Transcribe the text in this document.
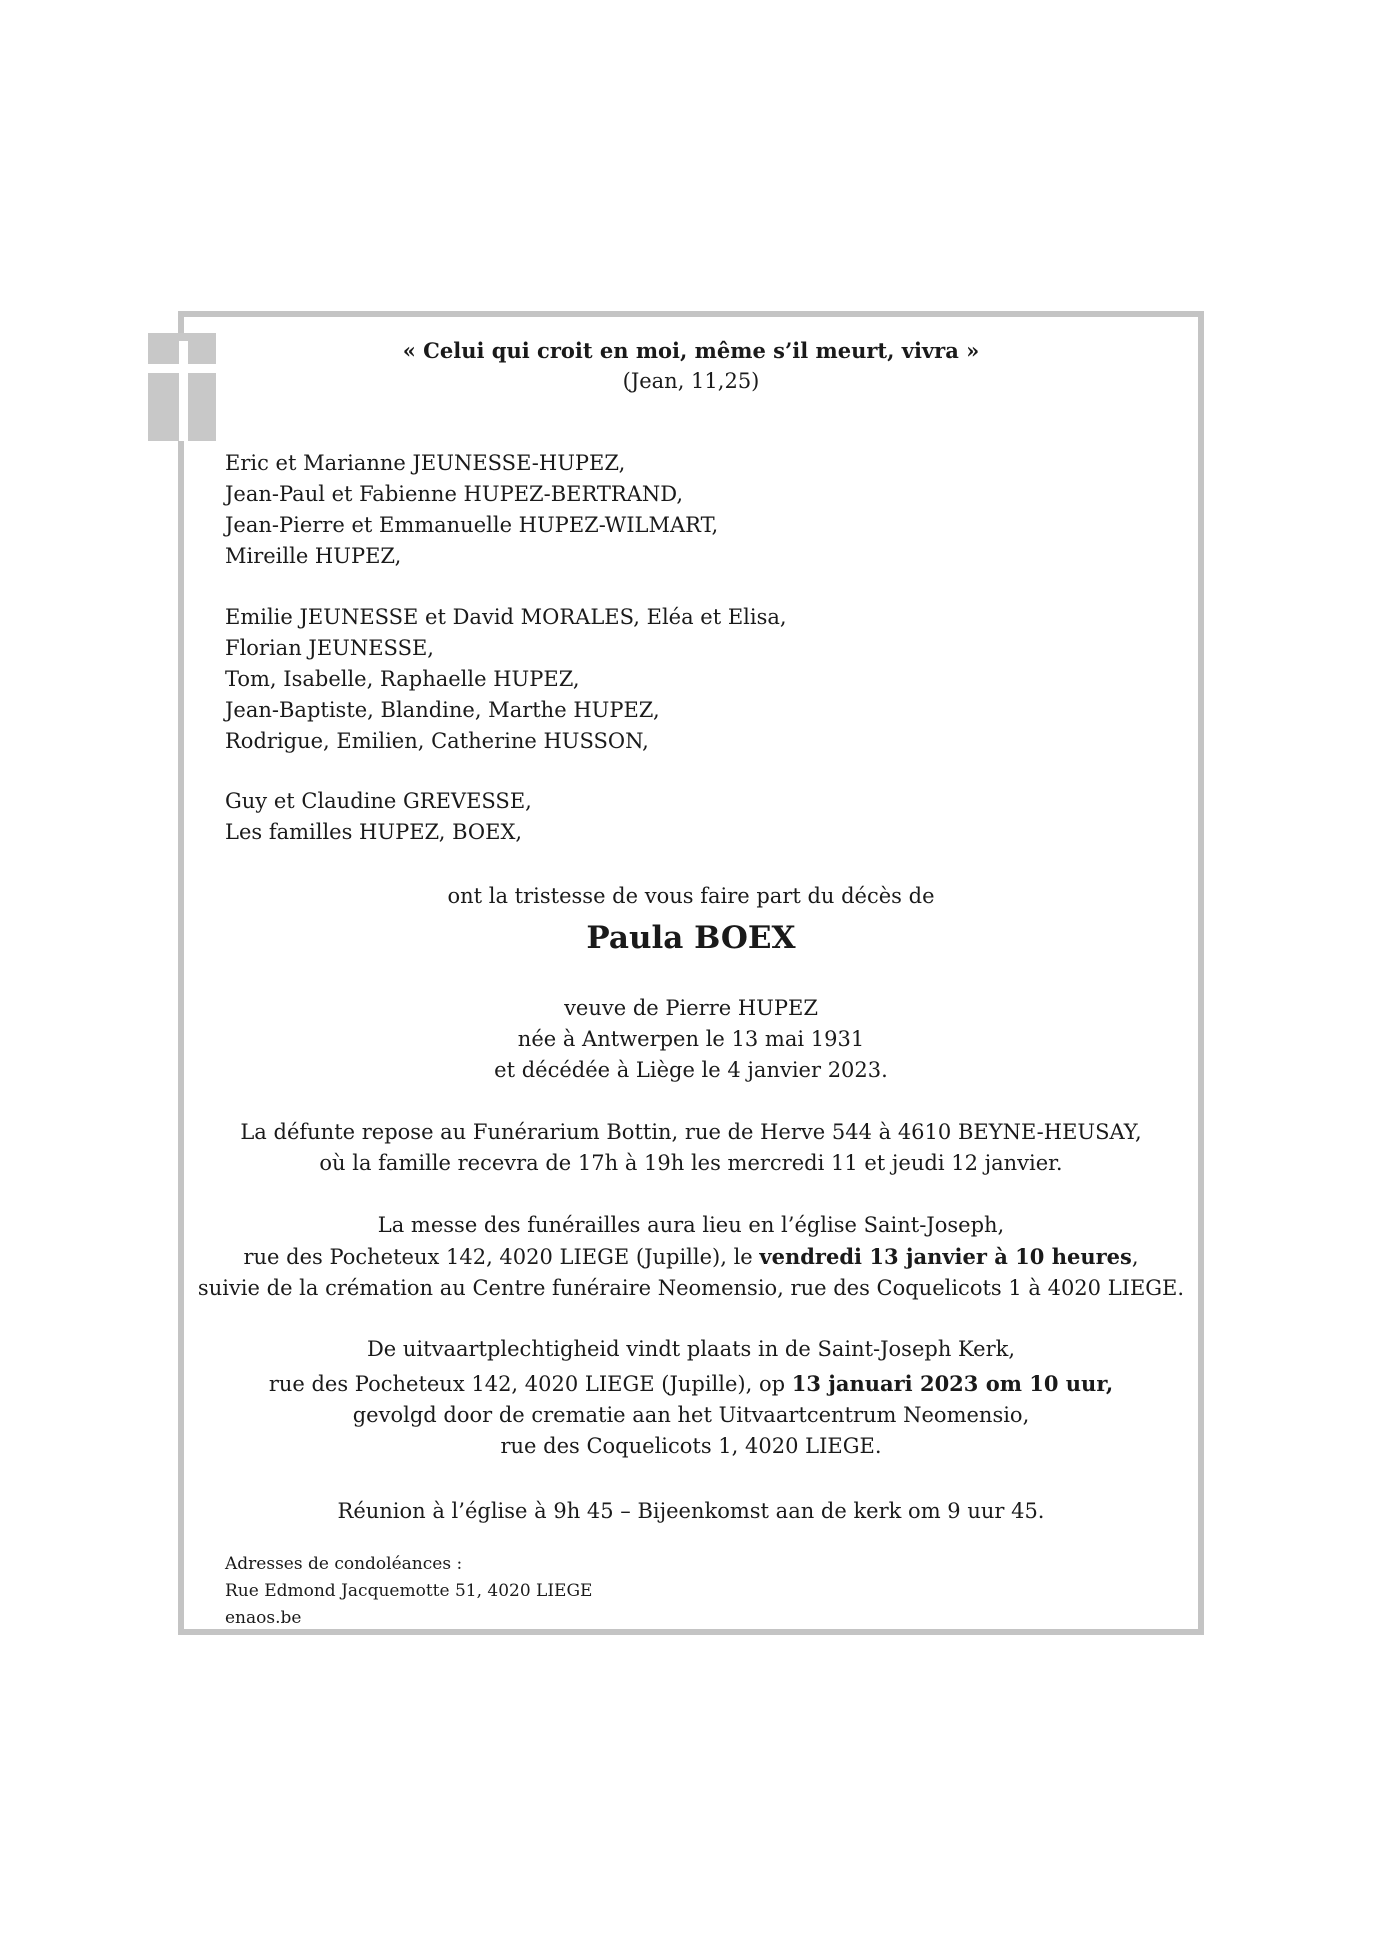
« Celui qui croit en moi, même s’il meurt, vivra »
(Jean, 11,25)
Eric et Marianne JEUNESSE-HUPEZ,
Jean-Paul et Fabienne HUPEZ-BERTRAND,
Jean-Pierre et Emmanuelle HUPEZ-WILMART,
Mireille HUPEZ,
Emilie JEUNESSE et David MORALES, Eléa et Elisa,
Florian JEUNESSE,
Tom, Isabelle, Raphaelle HUPEZ,
Jean-Baptiste, Blandine, Marthe HUPEZ,
Rodrigue, Emilien, Catherine HUSSON,
Guy et Claudine GREVESSE,
Les familles HUPEZ, BOEX,
ont la tristesse de vous faire part du décès de
Paula BOEX
veuve de Pierre HUPEZ
née à Antwerpen le 13 mai 1931
et décédée à Liège le 4 janvier 2023.
La défunte repose au Funérarium Bottin, rue de Herve 544 à 4610 BEYNE-HEUSAY,
où la famille recevra de 17h à 19h les mercredi 11 et jeudi 12 janvier.
La messe des funérailles aura lieu en l’église Saint-Joseph,
rue des Pocheteux 142, 4020 LIEGE (Jupille), le vendredi 13 janvier à 10 heures,
suivie de la crémation au Centre funéraire Neomensio, rue des Coquelicots 1 à 4020 LIEGE.
De uitvaartplechtigheid vindt plaats in de Saint-Joseph Kerk,
rue des Pocheteux 142, 4020 LIEGE (Jupille), op 13 januari 2023 om 10 uur,
gevolgd door de crematie aan het Uitvaartcentrum Neomensio,
rue des Coquelicots 1, 4020 LIEGE.
Réunion à l’église à 9h 45 – Bijeenkomst aan de kerk om 9 uur 45.
Adresses de condoléances :
Rue Edmond Jacquemotte 51, 4020 LIEGE
enaos.be
